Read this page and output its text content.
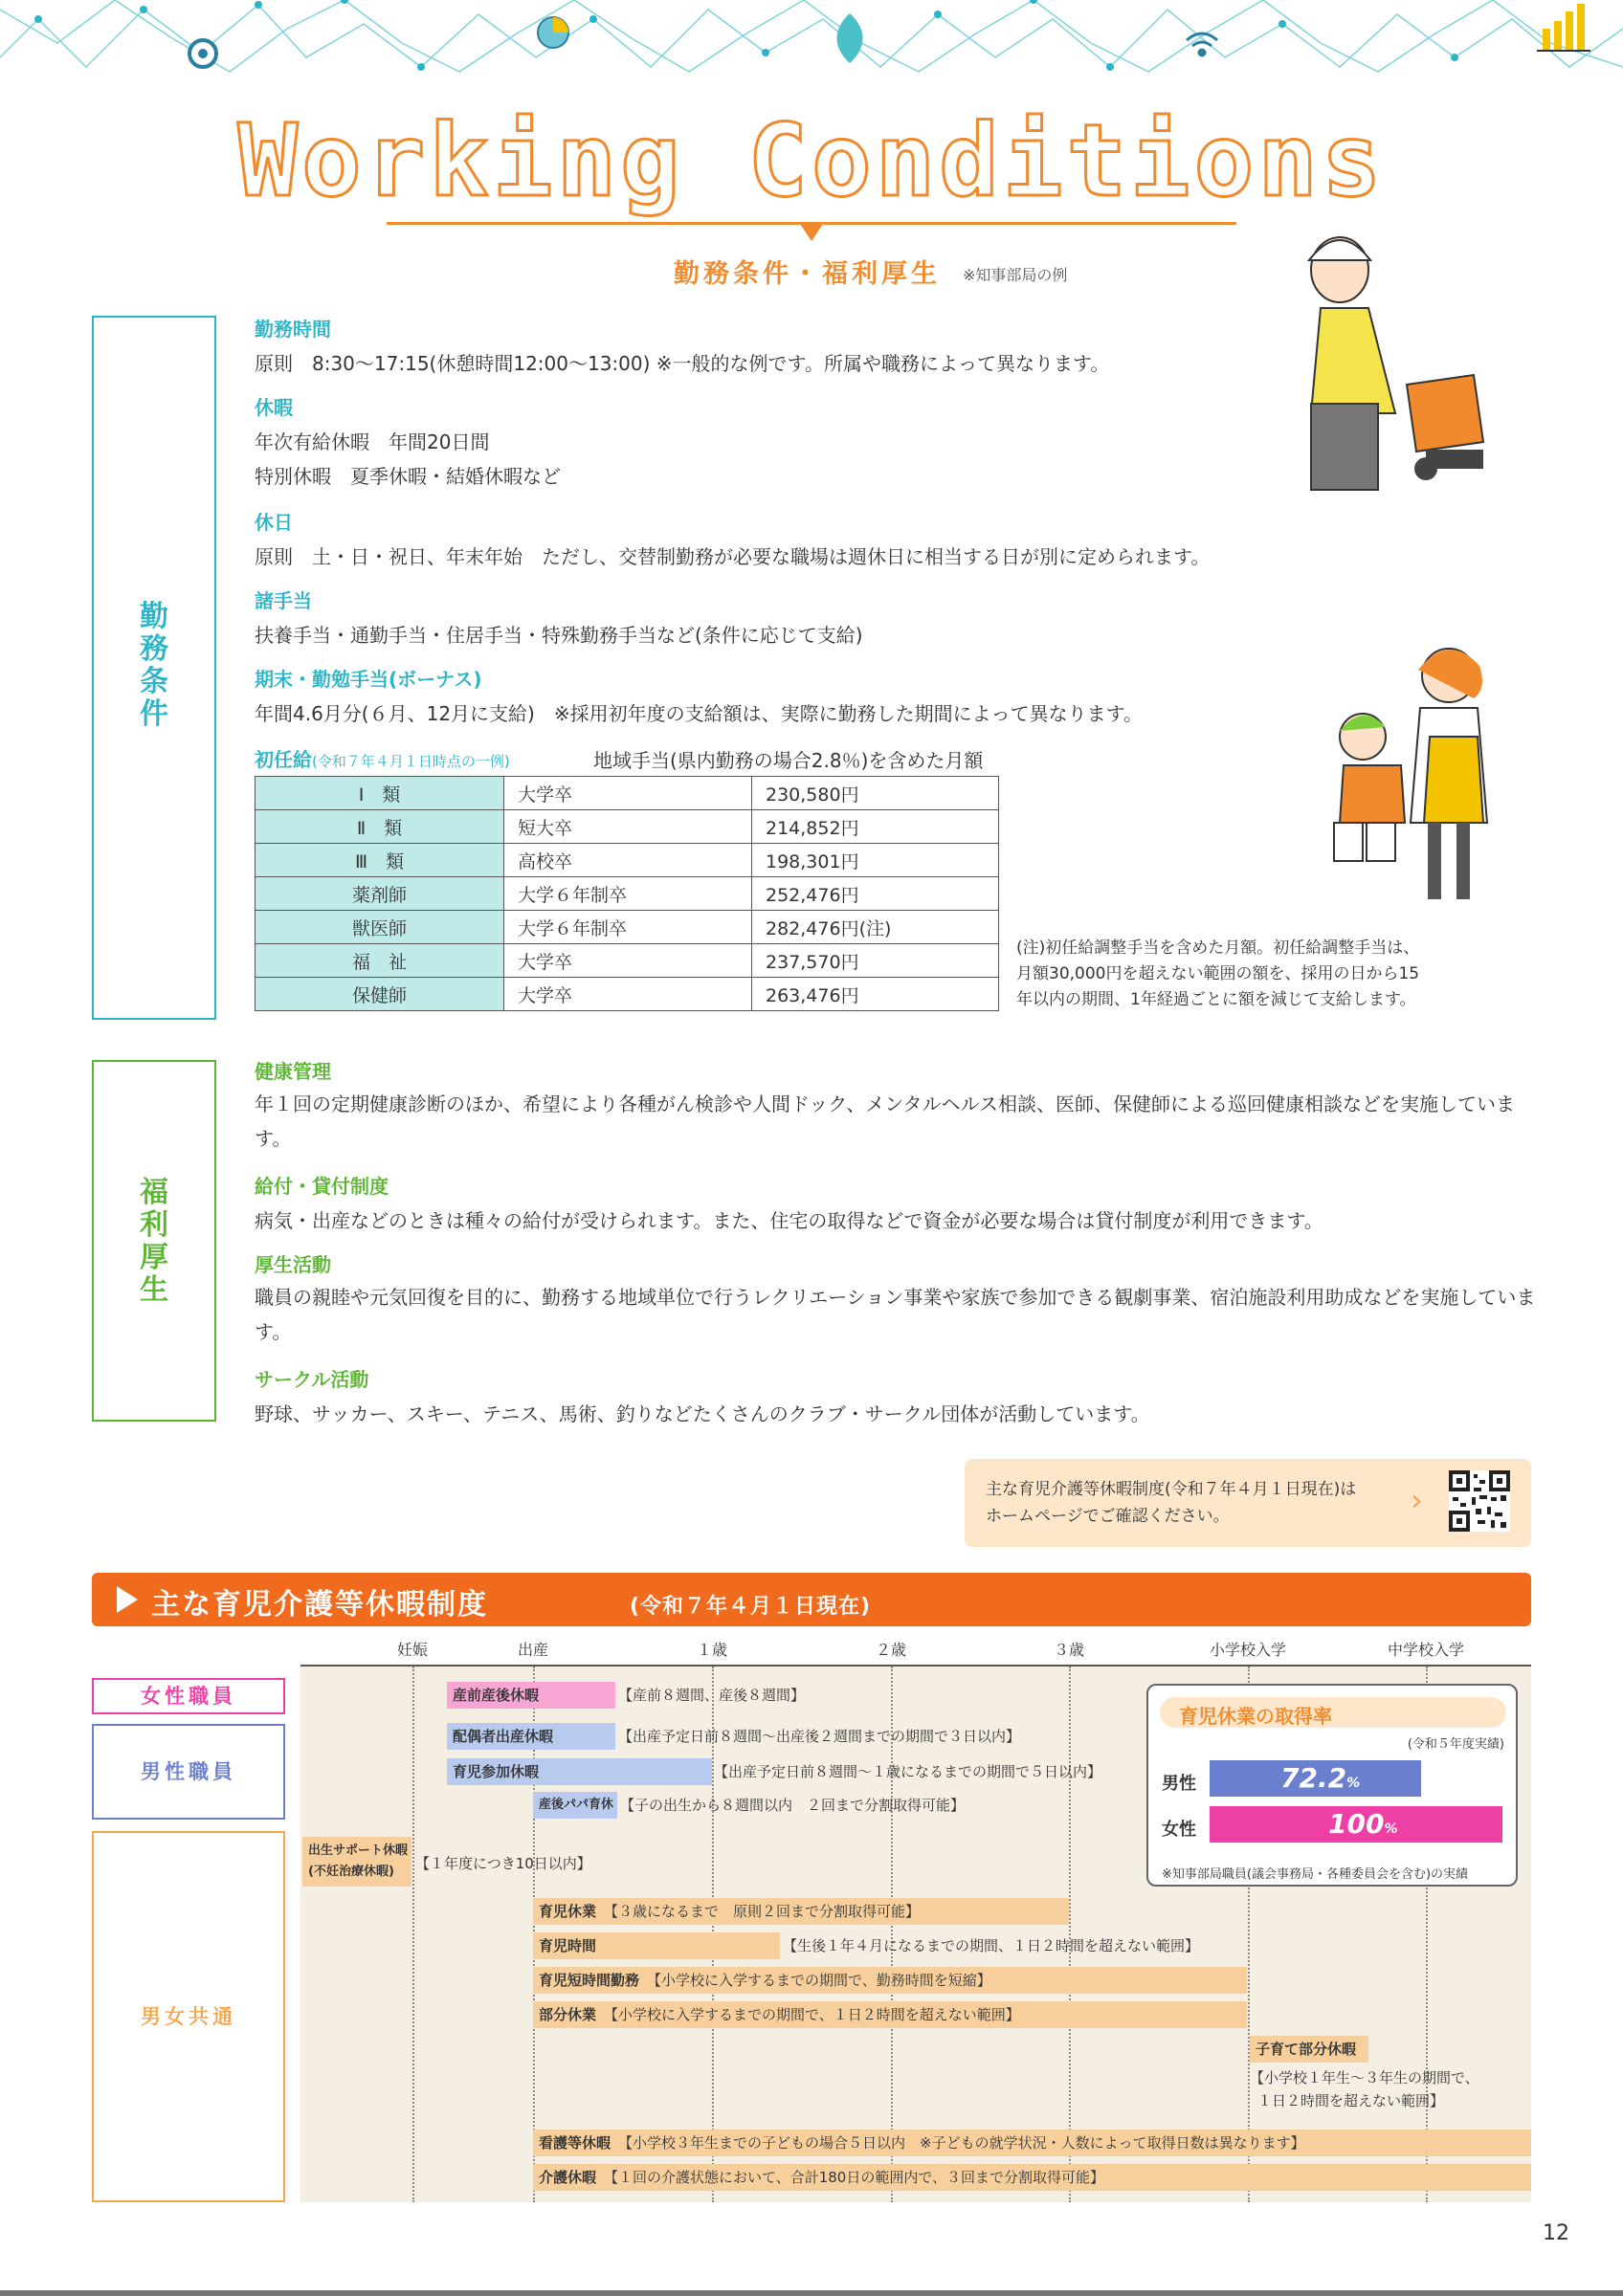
Working Conditions
勤務条件・福利厚生 ※知事部局の例
勤務条件
勤務時間
原則　8:30〜17:15(休憩時間12:00〜13:00) ※一般的な例です。所属や職務によって異なります。
休暇
年次有給休暇　年間20日間
特別休暇　夏季休暇・結婚休暇など
休日
原則　土・日・祝日、年末年始　ただし、交替制勤務が必要な職場は週休日に相当する日が別に定められます。
諸手当
扶養手当・通勤手当・住居手当・特殊勤務手当など(条件に応じて支給)
期末・勤勉手当(ボーナス)
年間4.6月分(６月、12月に支給)　※採用初年度の支給額は、実際に勤務した期間によって異なります。
初任給(令和７年４月１日時点の一例)	地域手当(県内勤務の場合2.8％)を含めた月額
Ⅰ　類	大学卒	230,580円
Ⅱ　類	短大卒	214,852円
Ⅲ　類	高校卒	198,301円
薬剤師	大学６年制卒	252,476円
獣医師	大学６年制卒	282,476円(注)
福　祉	大学卒	237,570円
保健師	大学卒	263,476円
(注)初任給調整手当を含めた月額。初任給調整手当は、
月額30,000円を超えない範囲の額を、採用の日から15
年以内の期間、1年経過ごとに額を減じて支給します。
福利厚生
健康管理
年１回の定期健康診断のほか、希望により各種がん検診や人間ドック、メンタルヘルス相談、医師、保健師による巡回健康相談などを実施しています。
給付・貸付制度
病気・出産などのときは種々の給付が受けられます。また、住宅の取得などで資金が必要な場合は貸付制度が利用できます。
厚生活動
職員の親睦や元気回復を目的に、勤務する地域単位で行うレクリエーション事業や家族で参加できる観劇事業、宿泊施設利用助成などを実施しています。
サークル活動
野球、サッカー、スキー、テニス、馬術、釣りなどたくさんのクラブ・サークル団体が活動しています。
主な育児介護等休暇制度(令和７年４月１日現在)は
ホームページでご確認ください。	›
主な育児介護等休暇制度	(令和７年４月１日現在)
妊娠	出産	１歳	２歳	３歳	小学校入学	中学校入学
女性職員
男性職員
男女共通
産前産後休暇	【産前８週間、産後８週間】
配偶者出産休暇	【出産予定日前８週間〜出産後２週間までの期間で３日以内】
育児参加休暇	【出産予定日前８週間〜１歳になるまでの期間で５日以内】
産後パパ育休 【子の出生から８週間以内　２回まで分割取得可能】
出生サポート休暇
(不妊治療休暇)	【１年度につき10日以内】
育児休業 【３歳になるまで　原則２回まで分割取得可能】
育児時間	【生後１年４月になるまでの期間、１日２時間を超えない範囲】
育児短時間勤務 【小学校に入学するまでの期間で、勤務時間を短縮】
部分休業 【小学校に入学するまでの期間で、１日２時間を超えない範囲】
子育て部分休暇
【小学校１年生〜３年生の期間で、
１日２時間を超えない範囲】
看護等休暇 【小学校３年生までの子どもの場合５日以内　※子どもの就学状況・人数によって取得日数は異なります】
介護休暇 【１回の介護状態において、合計180日の範囲内で、３回まで分割取得可能】
育児休業の取得率
(令和５年度実績)
男性	72.2%
女性	100%
※知事部局職員(議会事務局・各種委員会を含む)の実績
12
